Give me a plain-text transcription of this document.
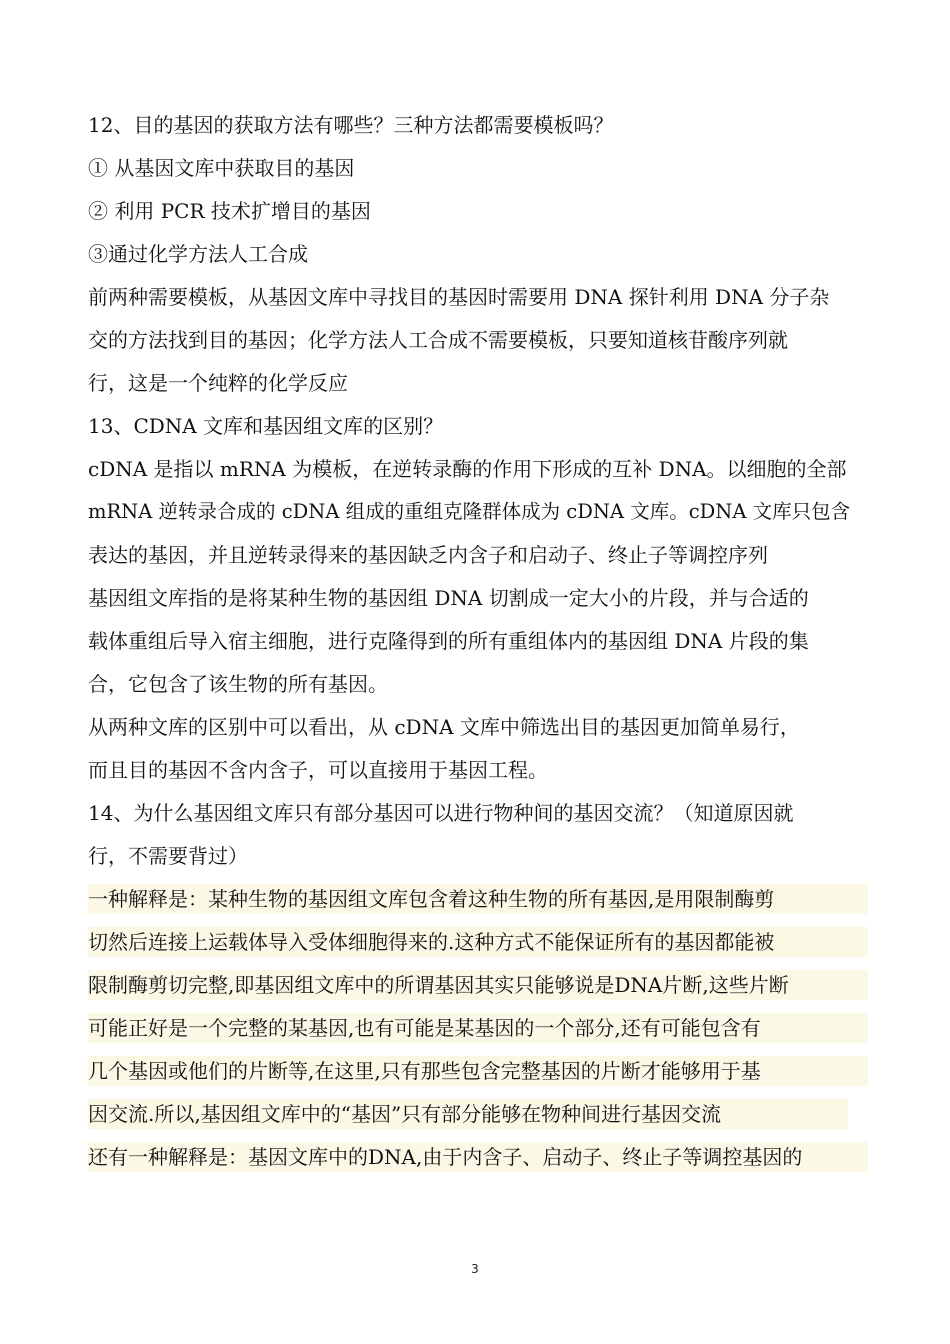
12、目的基因的获取方法有哪些？三种方法都需要模板吗？
① 从基因文库中获取目的基因
② 利用 PCR 技术扩增目的基因
③通过化学方法人工合成
前两种需要模板，从基因文库中寻找目的基因时需要用 DNA 探针利用 DNA 分子杂
交的方法找到目的基因；化学方法人工合成不需要模板，只要知道核苷酸序列就
行，这是一个纯粹的化学反应
13、CDNA 文库和基因组文库的区别？
cDNA 是指以 mRNA 为模板，在逆转录酶的作用下形成的互补 DNA。以细胞的全部
mRNA 逆转录合成的 cDNA 组成的重组克隆群体成为 cDNA 文库。cDNA 文库只包含
表达的基因，并且逆转录得来的基因缺乏内含子和启动子、终止子等调控序列
基因组文库指的是将某种生物的基因组 DNA 切割成一定大小的片段，并与合适的
载体重组后导入宿主细胞，进行克隆得到的所有重组体内的基因组 DNA 片段的集
合，它包含了该生物的所有基因。
从两种文库的区别中可以看出，从 cDNA 文库中筛选出目的基因更加简单易行，
而且目的基因不含内含子，可以直接用于基因工程。
14、为什么基因组文库只有部分基因可以进行物种间的基因交流？（知道原因就
行，不需要背过）
一种解释是：某种生物的基因组文库包含着这种生物的所有基因,是用限制酶剪
切然后连接上运载体导入受体细胞得来的.这种方式不能保证所有的基因都能被
限制酶剪切完整,即基因组文库中的所谓基因其实只能够说是DNA片断,这些片断
可能正好是一个完整的某基因,也有可能是某基因的一个部分,还有可能包含有
几个基因或他们的片断等,在这里,只有那些包含完整基因的片断才能够用于基
因交流.所以,基因组文库中的“基因”只有部分能够在物种间进行基因交流
还有一种解释是：基因文库中的DNA,由于内含子、启动子、终止子等调控基因的
3
